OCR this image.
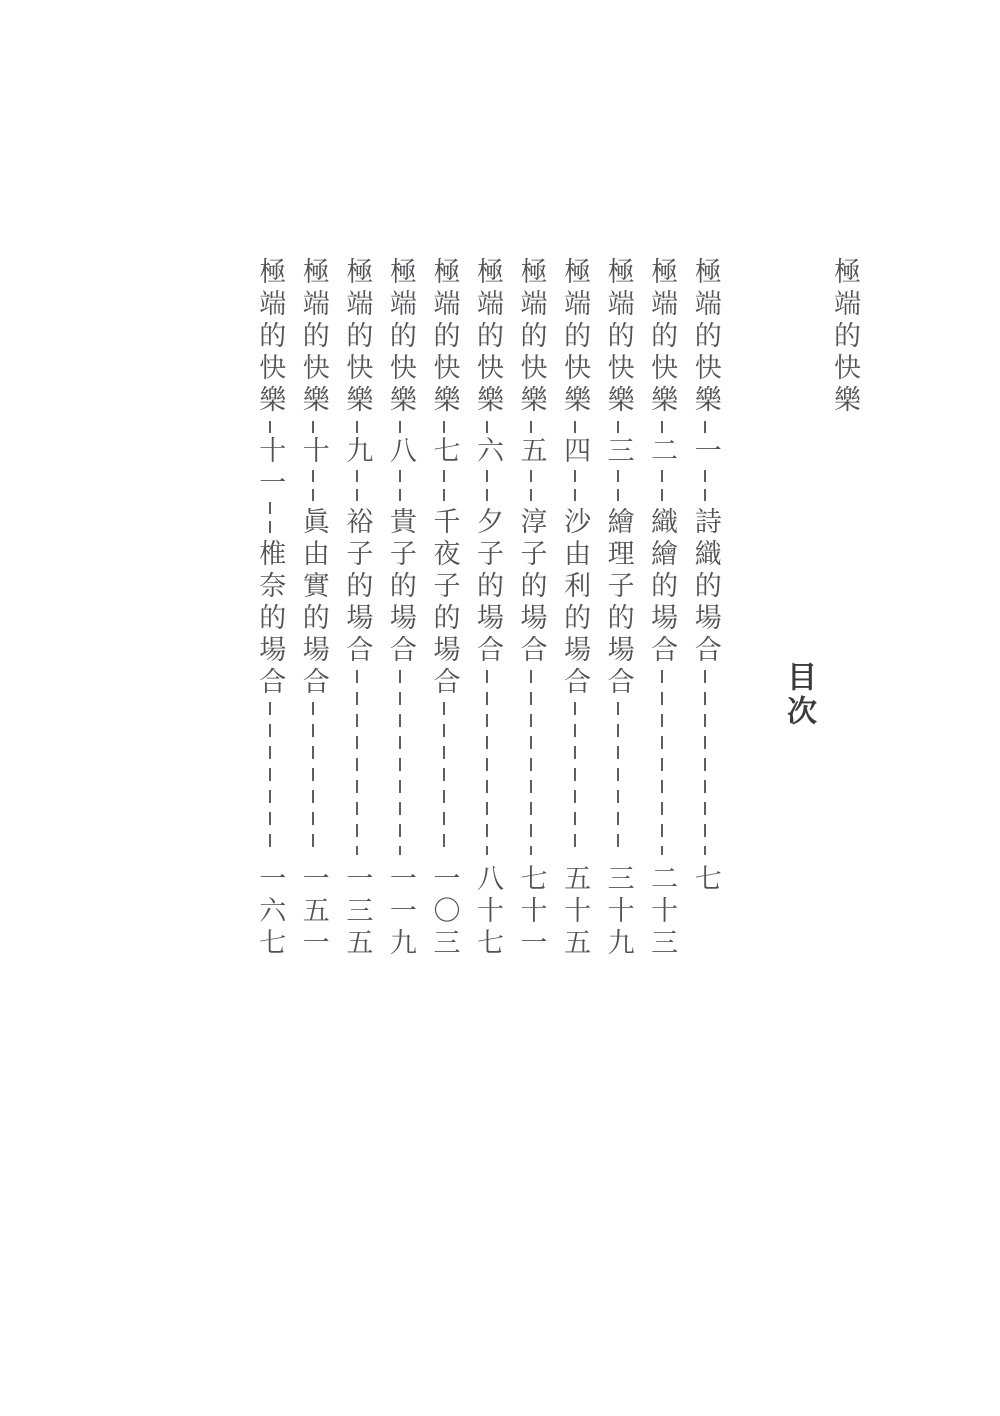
極端的快樂
目次
極端的快樂
一
詩織的場合
七
極端的快樂
二
織繪的場合
二十三
極端的快樂
三
繪理子的場合
三十九
極端的快樂
四
沙由利的場合
五十五
極端的快樂
五
淳子的場合
七十一
極端的快樂
六
夕子的場合
八十七
極端的快樂
七
千夜子的場合
一〇三
極端的快樂
八
貴子的場合
一一九
極端的快樂
九
裕子的場合
一三五
極端的快樂
十
眞由實的場合
一五一
極端的快樂
十一
椎奈的場合
一六七
